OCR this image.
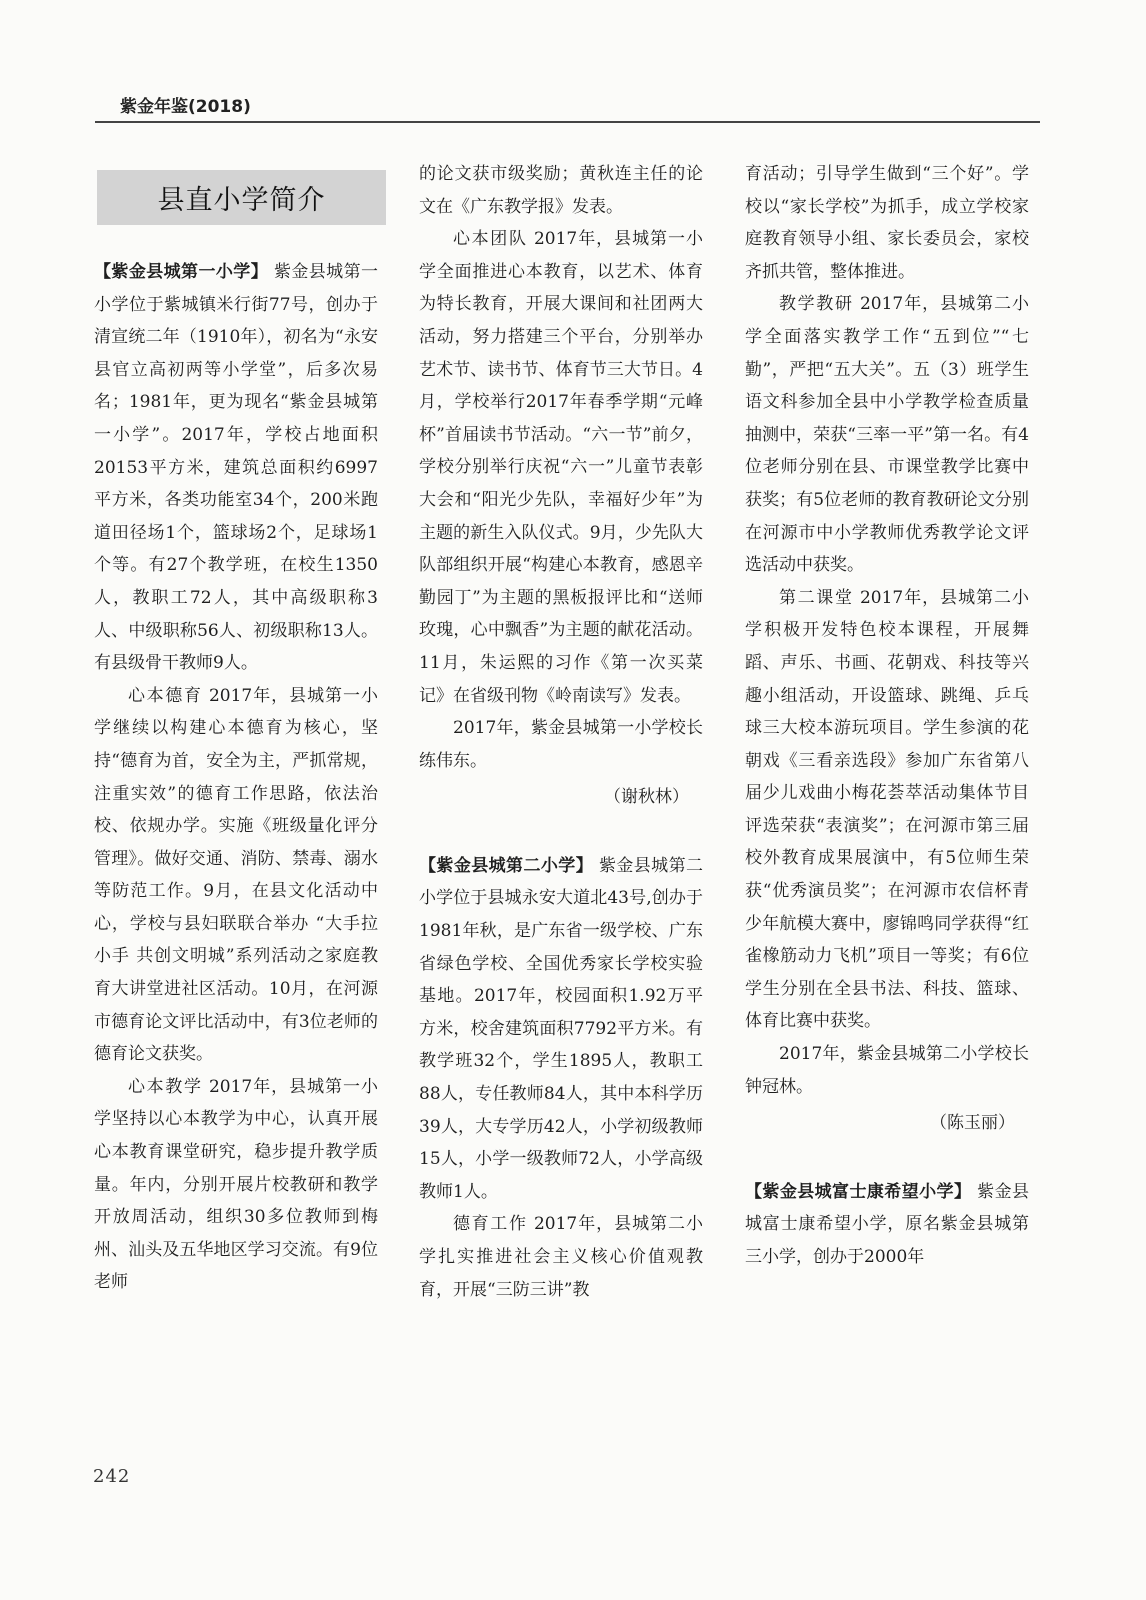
紫金年鉴(2018)
县直小学简介

【紫金县城第一小学】 紫金县城第一小学位于紫城镇米行街77号，创办于清宣统二年（1910年），初名为“永安县官立高初两等小学堂”，后多次易名；1981年，更为现名“紫金县城第一小学”。2017年，学校占地面积20153平方米，建筑总面积约6997平方米，各类功能室34个，200米跑道田径场1个，篮球场2个，足球场1个等。有27个教学班，在校生1350人，教职工72人，其中高级职称3人、中级职称56人、初级职称13人。有县级骨干教师9人。

心本德育 2017年，县城第一小学继续以构建心本德育为核心，坚持“德育为首，安全为主，严抓常规，注重实效”的德育工作思路，依法治校、依规办学。实施《班级量化评分管理》。做好交通、消防、禁毒、溺水等防范工作。9月，在县文化活动中心，学校与县妇联联合举办 “大手拉小手 共创文明城”系列活动之家庭教育大讲堂进社区活动。10月，在河源市德育论文评比活动中，有3位老师的德育论文获奖。

心本教学 2017年，县城第一小学坚持以心本教学为中心，认真开展心本教育课堂研究，稳步提升教学质量。年内，分别开展片校教研和教学开放周活动，组织30多位教师到梅州、汕头及五华地区学习交流。有9位老师

的论文获市级奖励；黄秋连主任的论文在《广东教学报》发表。

心本团队 2017年，县城第一小学全面推进心本教育，以艺术、体育为特长教育，开展大课间和社团两大活动，努力搭建三个平台，分别举办艺术节、读书节、体育节三大节日。4月，学校举行2017年春季学期“元峰杯”首届读书节活动。“六一节”前夕，学校分别举行庆祝“六一”儿童节表彰大会和“阳光少先队，幸福好少年”为主题的新生入队仪式。9月，少先队大队部组织开展“构建心本教育，感恩辛勤园丁”为主题的黑板报评比和“送师玫瑰，心中飘香”为主题的献花活动。11月，朱运熙的习作《第一次买菜记》在省级刊物《岭南读写》发表。

2017年，紫金县城第一小学校长练伟东。

（谢秋林）

【紫金县城第二小学】 紫金县城第二小学位于县城永安大道北43号,创办于1981年秋，是广东省一级学校、广东省绿色学校、全国优秀家长学校实验基地。2017年，校园面积1.92万平方米，校舍建筑面积7792平方米。有教学班32个，学生1895人，教职工88人，专任教师84人，其中本科学历39人，大专学历42人，小学初级教师15人，小学一级教师72人，小学高级教师1人。

德育工作 2017年，县城第二小学扎实推进社会主义核心价值观教育，开展“三防三讲”教

育活动；引导学生做到“三个好”。学校以“家长学校”为抓手，成立学校家庭教育领导小组、家长委员会，家校齐抓共管，整体推进。

教学教研 2017年，县城第二小学全面落实教学工作“五到位”“七勤”，严把“五大关”。五（3）班学生语文科参加全县中小学教学检查质量抽测中，荣获“三率一平”第一名。有4位老师分别在县、市课堂教学比赛中获奖；有5位老师的教育教研论文分别在河源市中小学教师优秀教学论文评选活动中获奖。

第二课堂 2017年，县城第二小学积极开发特色校本课程，开展舞蹈、声乐、书画、花朝戏、科技等兴趣小组活动，开设篮球、跳绳、乒乓球三大校本游玩项目。学生参演的花朝戏《三看亲选段》参加广东省第八届少儿戏曲小梅花荟萃活动集体节目评选荣获“表演奖”；在河源市第三届校外教育成果展演中，有5位师生荣获“优秀演员奖”；在河源市农信杯青少年航模大赛中，廖锦鸣同学获得“红雀橡筋动力飞机”项目一等奖；有6位学生分别在全县书法、科技、篮球、体育比赛中获奖。

2017年，紫金县城第二小学校长钟冠林。

（陈玉丽）

【紫金县城富士康希望小学】 紫金县城富士康希望小学，原名紫金县城第三小学，创办于2000年

242
